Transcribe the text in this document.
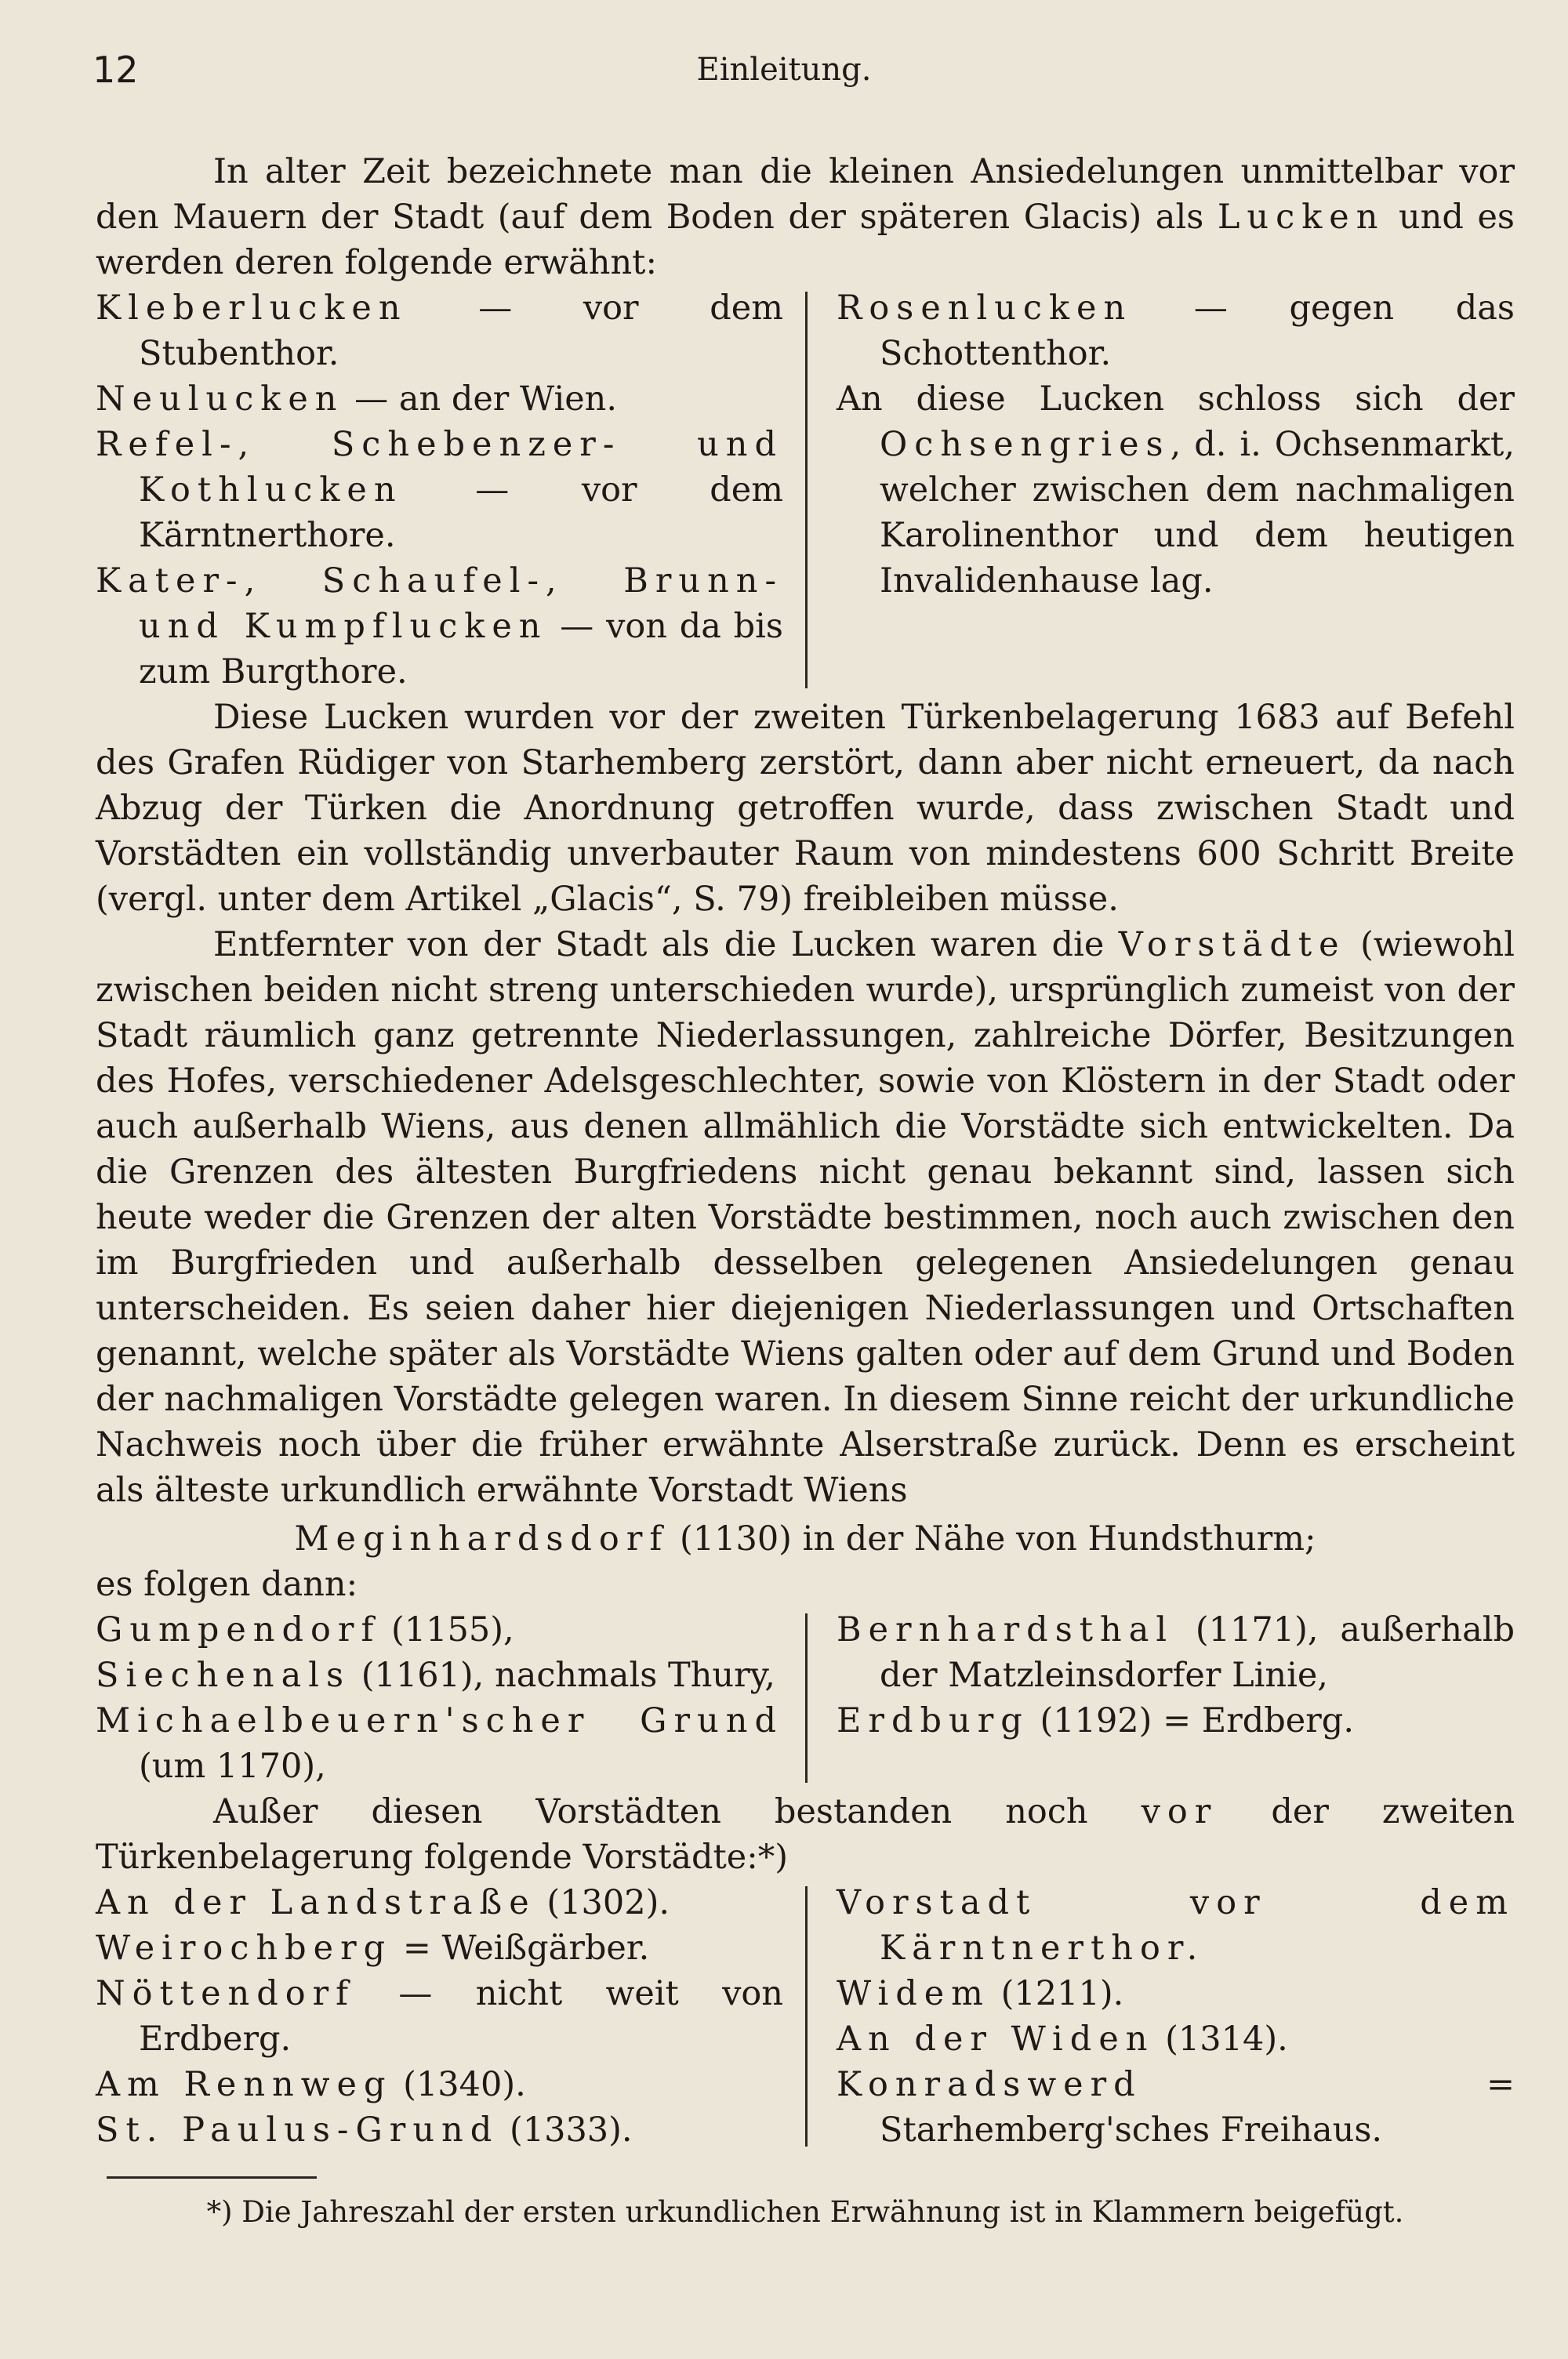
12	Einleitung.

In alter Zeit bezeichnete man die kleinen Ansiedelungen unmittelbar vor den Mauern der Stadt (auf dem Boden der späteren Glacis) als Lucken und es werden deren folgende erwähnt:

Kleberlucken — vor dem Stubenthor.

Neulucken — an der Wien.

Refel-, Schebenzer- und Kothlucken — vor dem Kärntnerthore.

Kater-, Schaufel-, Brunn- und Kumpflucken — von da bis zum Burgthore.

Rosenlucken — gegen das Schottenthor.

An diese Lucken schloss sich der Ochsengries, d. i. Ochsenmarkt, welcher zwischen dem nachmaligen Karolinenthor und dem heutigen Invalidenhause lag.

Diese Lucken wurden vor der zweiten Türkenbelagerung 1683 auf Befehl des Grafen Rüdiger von Starhemberg zerstört, dann aber nicht erneuert, da nach Abzug der Türken die Anordnung getroffen wurde, dass zwischen Stadt und Vorstädten ein vollständig unverbauter Raum von mindestens 600 Schritt Breite (vergl. unter dem Artikel „Glacis“, S. 79) freibleiben müsse.

Entfernter von der Stadt als die Lucken waren die Vorstädte (wiewohl zwischen beiden nicht streng unterschieden wurde), ursprünglich zumeist von der Stadt räumlich ganz getrennte Niederlassungen, zahlreiche Dörfer, Besitzungen des Hofes, verschiedener Adelsgeschlechter, sowie von Klöstern in der Stadt oder auch außerhalb Wiens, aus denen allmählich die Vorstädte sich entwickelten. Da die Grenzen des ältesten Burgfriedens nicht genau bekannt sind, lassen sich heute weder die Grenzen der alten Vorstädte bestimmen, noch auch zwischen den im Burgfrieden und außerhalb desselben gelegenen Ansiedelungen genau unterscheiden. Es seien daher hier diejenigen Niederlassungen und Ortschaften genannt, welche später als Vorstädte Wiens galten oder auf dem Grund und Boden der nachmaligen Vorstädte gelegen waren. In diesem Sinne reicht der urkundliche Nachweis noch über die früher erwähnte Alserstraße zurück. Denn es erscheint als älteste urkundlich erwähnte Vorstadt Wiens

Meginhardsdorf (1130) in der Nähe von Hundsthurm;

es folgen dann:

Gumpendorf (1155),

Siechenals (1161), nachmals Thury,

Michaelbeuern'scher Grund (um 1170),

Bernhardsthal (1171), außerhalb der Matzleinsdorfer Linie,

Erdburg (1192) = Erdberg.

Außer diesen Vorstädten bestanden noch vor der zweiten Türkenbelagerung folgende Vorstädte:*)

An der Landstraße (1302).

Weirochberg = Weißgärber.

Nöttendorf — nicht weit von Erdberg.

Am Rennweg (1340).

St. Paulus-Grund (1333).

Vorstadt vor dem Kärntnerthor.

Widem (1211).

An der Widen (1314).

Konradswerd = Starhemberg'sches Freihaus.

*) Die Jahreszahl der ersten urkundlichen Erwähnung ist in Klammern beigefügt.
